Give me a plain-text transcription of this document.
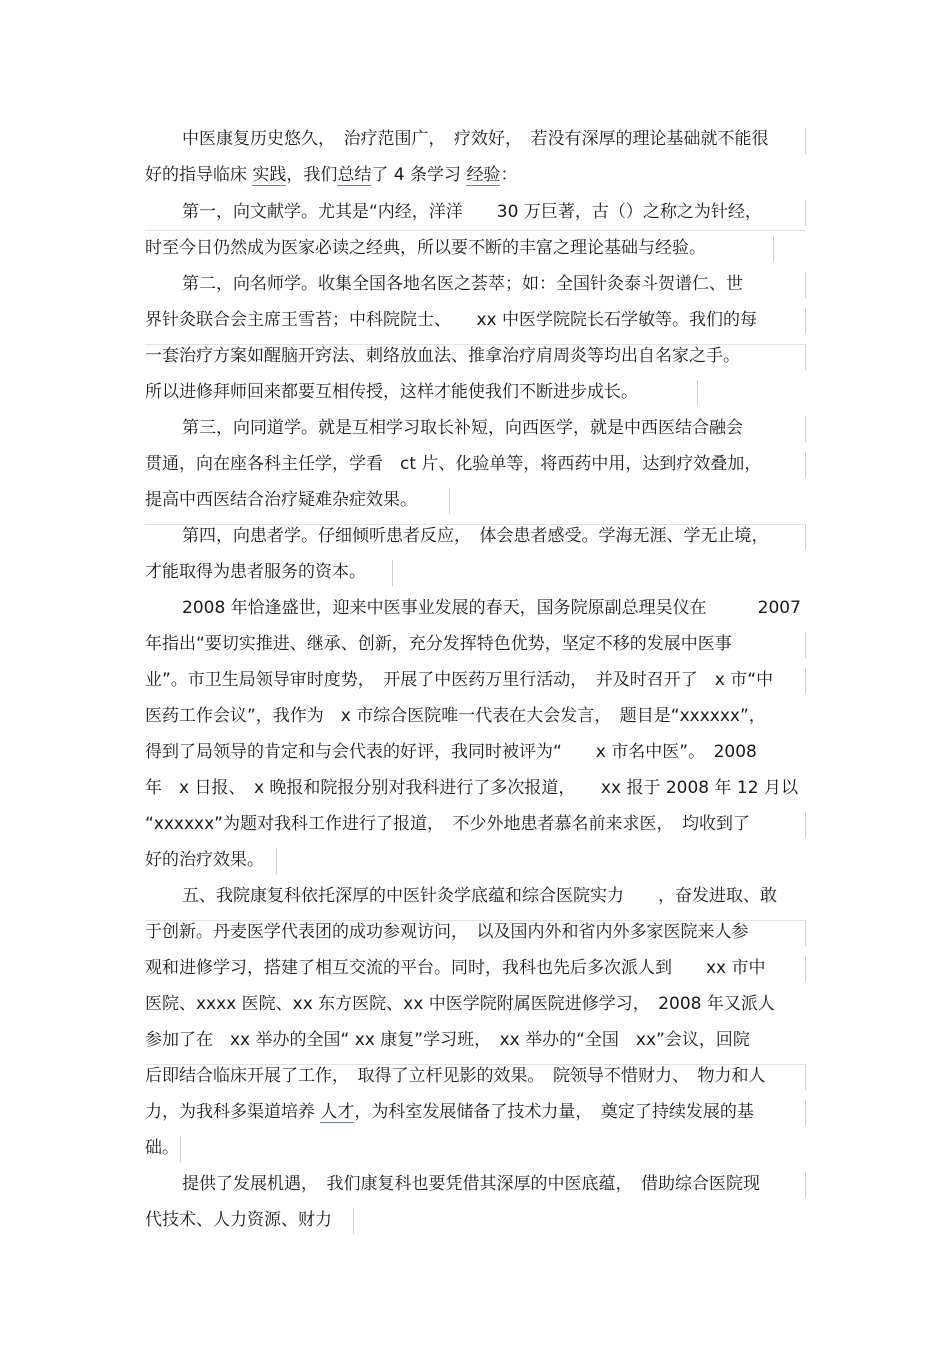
中医康复历史悠久，　治疗范围广，　疗效好，　若没有深厚的理论基础就不能很
好的指导临床 实践，我们总结了 4 条学习 经验：
第一，向文献学。尤其是“内经，洋洋　　30 万巨著，古（）之称之为针经，
时至今日仍然成为医家必读之经典，所以要不断的丰富之理论基础与经验。
第二，向名师学。收集全国各地名医之荟萃；如：全国针灸泰斗贺谱仁、世
界针灸联合会主席王雪苔；中科院院士、　　xx 中医学院院长石学敏等。我们的每
一套治疗方案如醒脑开窍法、刺络放血法、推拿治疗肩周炎等均出自名家之手。
所以进修拜师回来都要互相传授，这样才能使我们不断进步成长。
第三，向同道学。就是互相学习取长补短，向西医学，就是中西医结合融会
贯通，向在座各科主任学，学看　ct 片、化验单等，将西药中用，达到疗效叠加，
提高中西医结合治疗疑难杂症效果。
第四，向患者学。仔细倾听患者反应，　体会患者感受。学海无涯、学无止境，
才能取得为患者服务的资本。
2008 年恰逢盛世，迎来中医事业发展的春天，国务院原副总理吴仪在　　　2007
年指出“要切实推进、继承、创新，充分发挥特色优势，坚定不移的发展中医事
业”。市卫生局领导审时度势，　开展了中医药万里行活动，　并及时召开了　x 市“中
医药工作会议”，我作为　x 市综合医院唯一代表在大会发言，　题目是“xxxxxx”，
得到了局领导的肯定和与会代表的好评，我同时被评为“　　x 市名中医”。　2008
年　x 日报、　x 晚报和院报分别对我科进行了多次报道，　　xx 报于 2008 年 12 月以
“xxxxxx”为题对我科工作进行了报道，　不少外地患者慕名前来求医，　均收到了
好的治疗效果。
五、我院康复科依托深厚的中医针灸学底蕴和综合医院实力　　，奋发进取、敢
于创新。丹麦医学代表团的成功参观访问，　以及国内外和省内外多家医院来人参
观和进修学习，搭建了相互交流的平台。同时，我科也先后多次派人到　　xx 市中
医院、xxxx 医院、xx 东方医院、xx 中医学院附属医院进修学习，　2008 年又派人
参加了在　xx 举办的全国“ xx 康复”学习班，　xx 举办的“全国　xx”会议，回院
后即结合临床开展了工作，　取得了立杆见影的效果。　院领导不惜财力、　物力和人
力，为我科多渠道培养 人才，为科室发展储备了技术力量，　奠定了持续发展的基
础。
提供了发展机遇，　我们康复科也要凭借其深厚的中医底蕴，　借助综合医院现
代技术、人力资源、财力
